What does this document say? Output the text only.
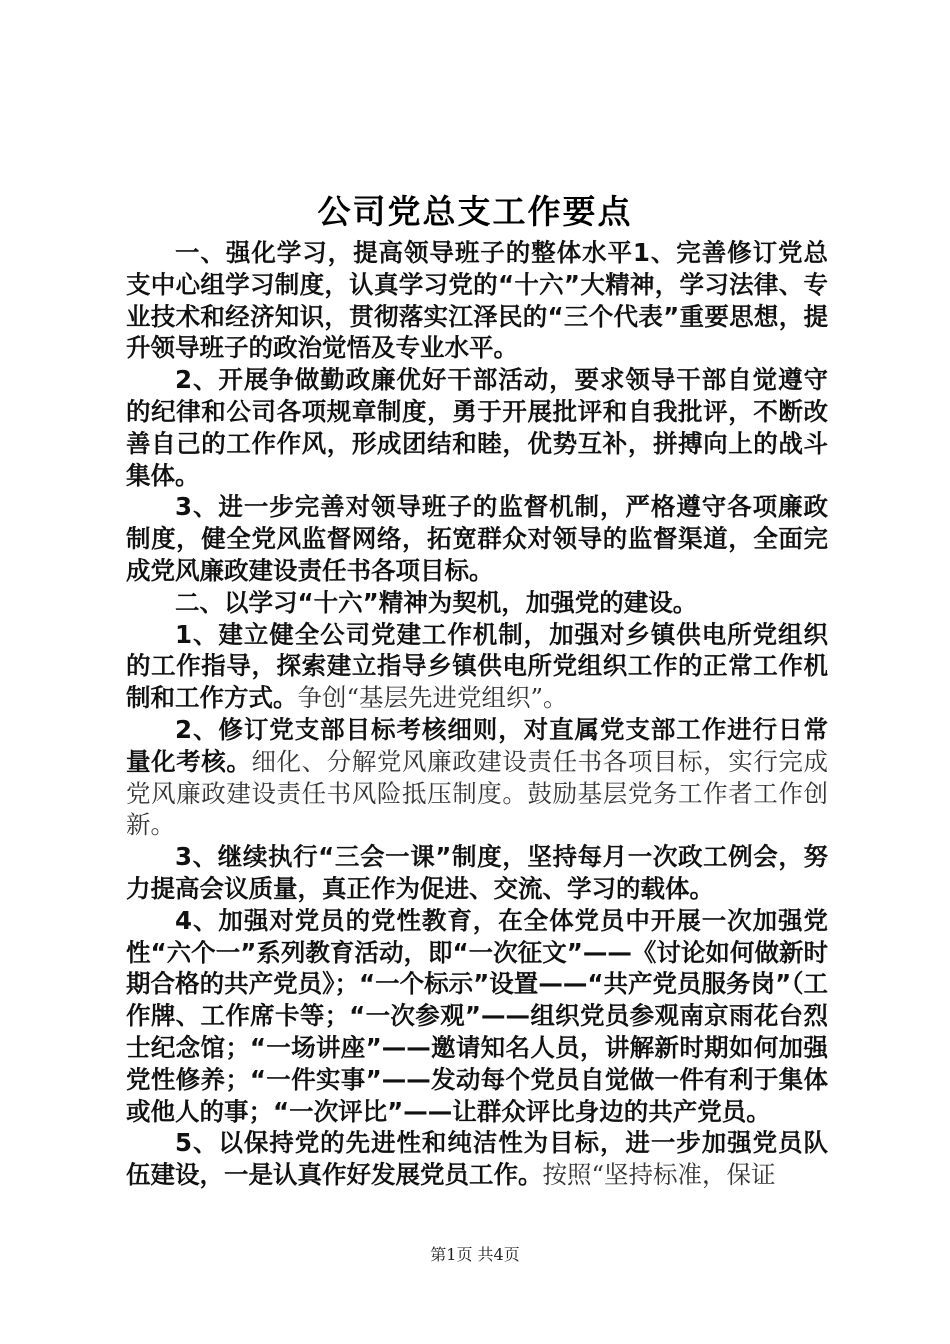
公司党总支工作要点

一、强化学习，提高领导班子的整体水平1、完善修订党总支中心组学习制度，认真学习党的“十六”大精神，学习法律、专业技术和经济知识，贯彻落实江泽民的“三个代表”重要思想，提升领导班子的政治觉悟及专业水平。

2、开展争做勤政廉优好干部活动，要求领导干部自觉遵守的纪律和公司各项规章制度，勇于开展批评和自我批评，不断改善自己的工作作风，形成团结和睦，优势互补，拼搏向上的战斗集体。

3、进一步完善对领导班子的监督机制，严格遵守各项廉政制度，健全党风监督网络，拓宽群众对领导的监督渠道，全面完成党风廉政建设责任书各项目标。

二、以学习“十六”精神为契机，加强党的建设。

1、建立健全公司党建工作机制，加强对乡镇供电所党组织的工作指导，探索建立指导乡镇供电所党组织工作的正常工作机制和工作方式。争创“基层先进党组织”。

2、修订党支部目标考核细则，对直属党支部工作进行日常量化考核。细化、分解党风廉政建设责任书各项目标，实行完成党风廉政建设责任书风险抵压制度。鼓励基层党务工作者工作创新。

3、继续执行“三会一课”制度，坚持每月一次政工例会，努力提高会议质量，真正作为促进、交流、学习的载体。

4、加强对党员的党性教育，在全体党员中开展一次加强党性“六个一”系列教育活动，即“一次征文”——《讨论如何做新时期合格的共产党员》；“一个标示”设置——“共产党员服务岗”（工作牌、工作席卡等；“一次参观”——组织党员参观南京雨花台烈士纪念馆；“一场讲座”——邀请知名人员，讲解新时期如何加强党性修养；“一件实事”——发动每个党员自觉做一件有利于集体或他人的事；“一次评比”——让群众评比身边的共产党员。

5、以保持党的先进性和纯洁性为目标，进一步加强党员队伍建设，一是认真作好发展党员工作。按照“坚持标准，保证

第1页 共4页
